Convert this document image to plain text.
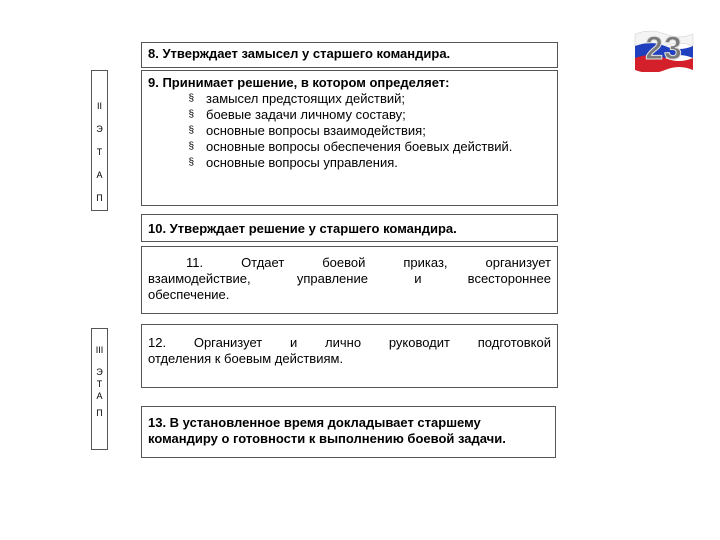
23
8. Утверждает замысел у старшего командира.
II
Э
Т
А
П
9. Принимает решение, в котором определяет:
§ замысел предстоящих действий;
§ боевые задачи личному составу;
§ основные вопросы взаимодействия;
§ основные вопросы обеспечения боевых действий.
§ основные вопросы управления.
10. Утверждает решение у старшего командира.
11. Отдает боевой приказ, организует
взаимодействие, управление и всестороннее
обеспечение.
III
Э
Т
А
П
12. Организует и лично руководит подготовкой
отделения к боевым действиям.
13. В установленное время докладывает старшему
командиру о готовности к выполнению боевой задачи.
